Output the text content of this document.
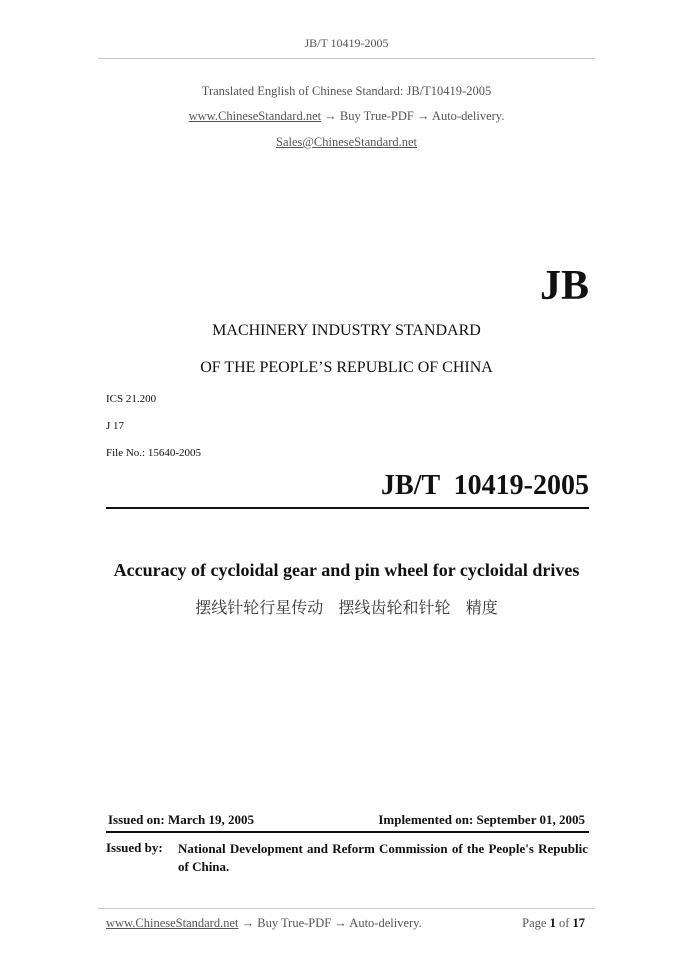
JB/T 10419-2005
Translated English of Chinese Standard: JB/T10419-2005
www.ChineseStandard.net → Buy True-PDF → Auto-delivery.
Sales@ChineseStandard.net
JB
MACHINERY INDUSTRY STANDARD
OF THE PEOPLE’S REPUBLIC OF CHINA
ICS 21.200
J 17
File No.: 15640-2005
JB/T  10419-2005
Accuracy of cycloidal gear and pin wheel for cycloidal drives
摆线针轮行星传动   摆线齿轮和针轮   精度
Issued on: March 19, 2005	Implemented on: September 01, 2005
Issued by: National Development and Reform Commission of the People's Republic of China.
www.ChineseStandard.net → Buy True-PDF → Auto-delivery.	Page 1 of 17
